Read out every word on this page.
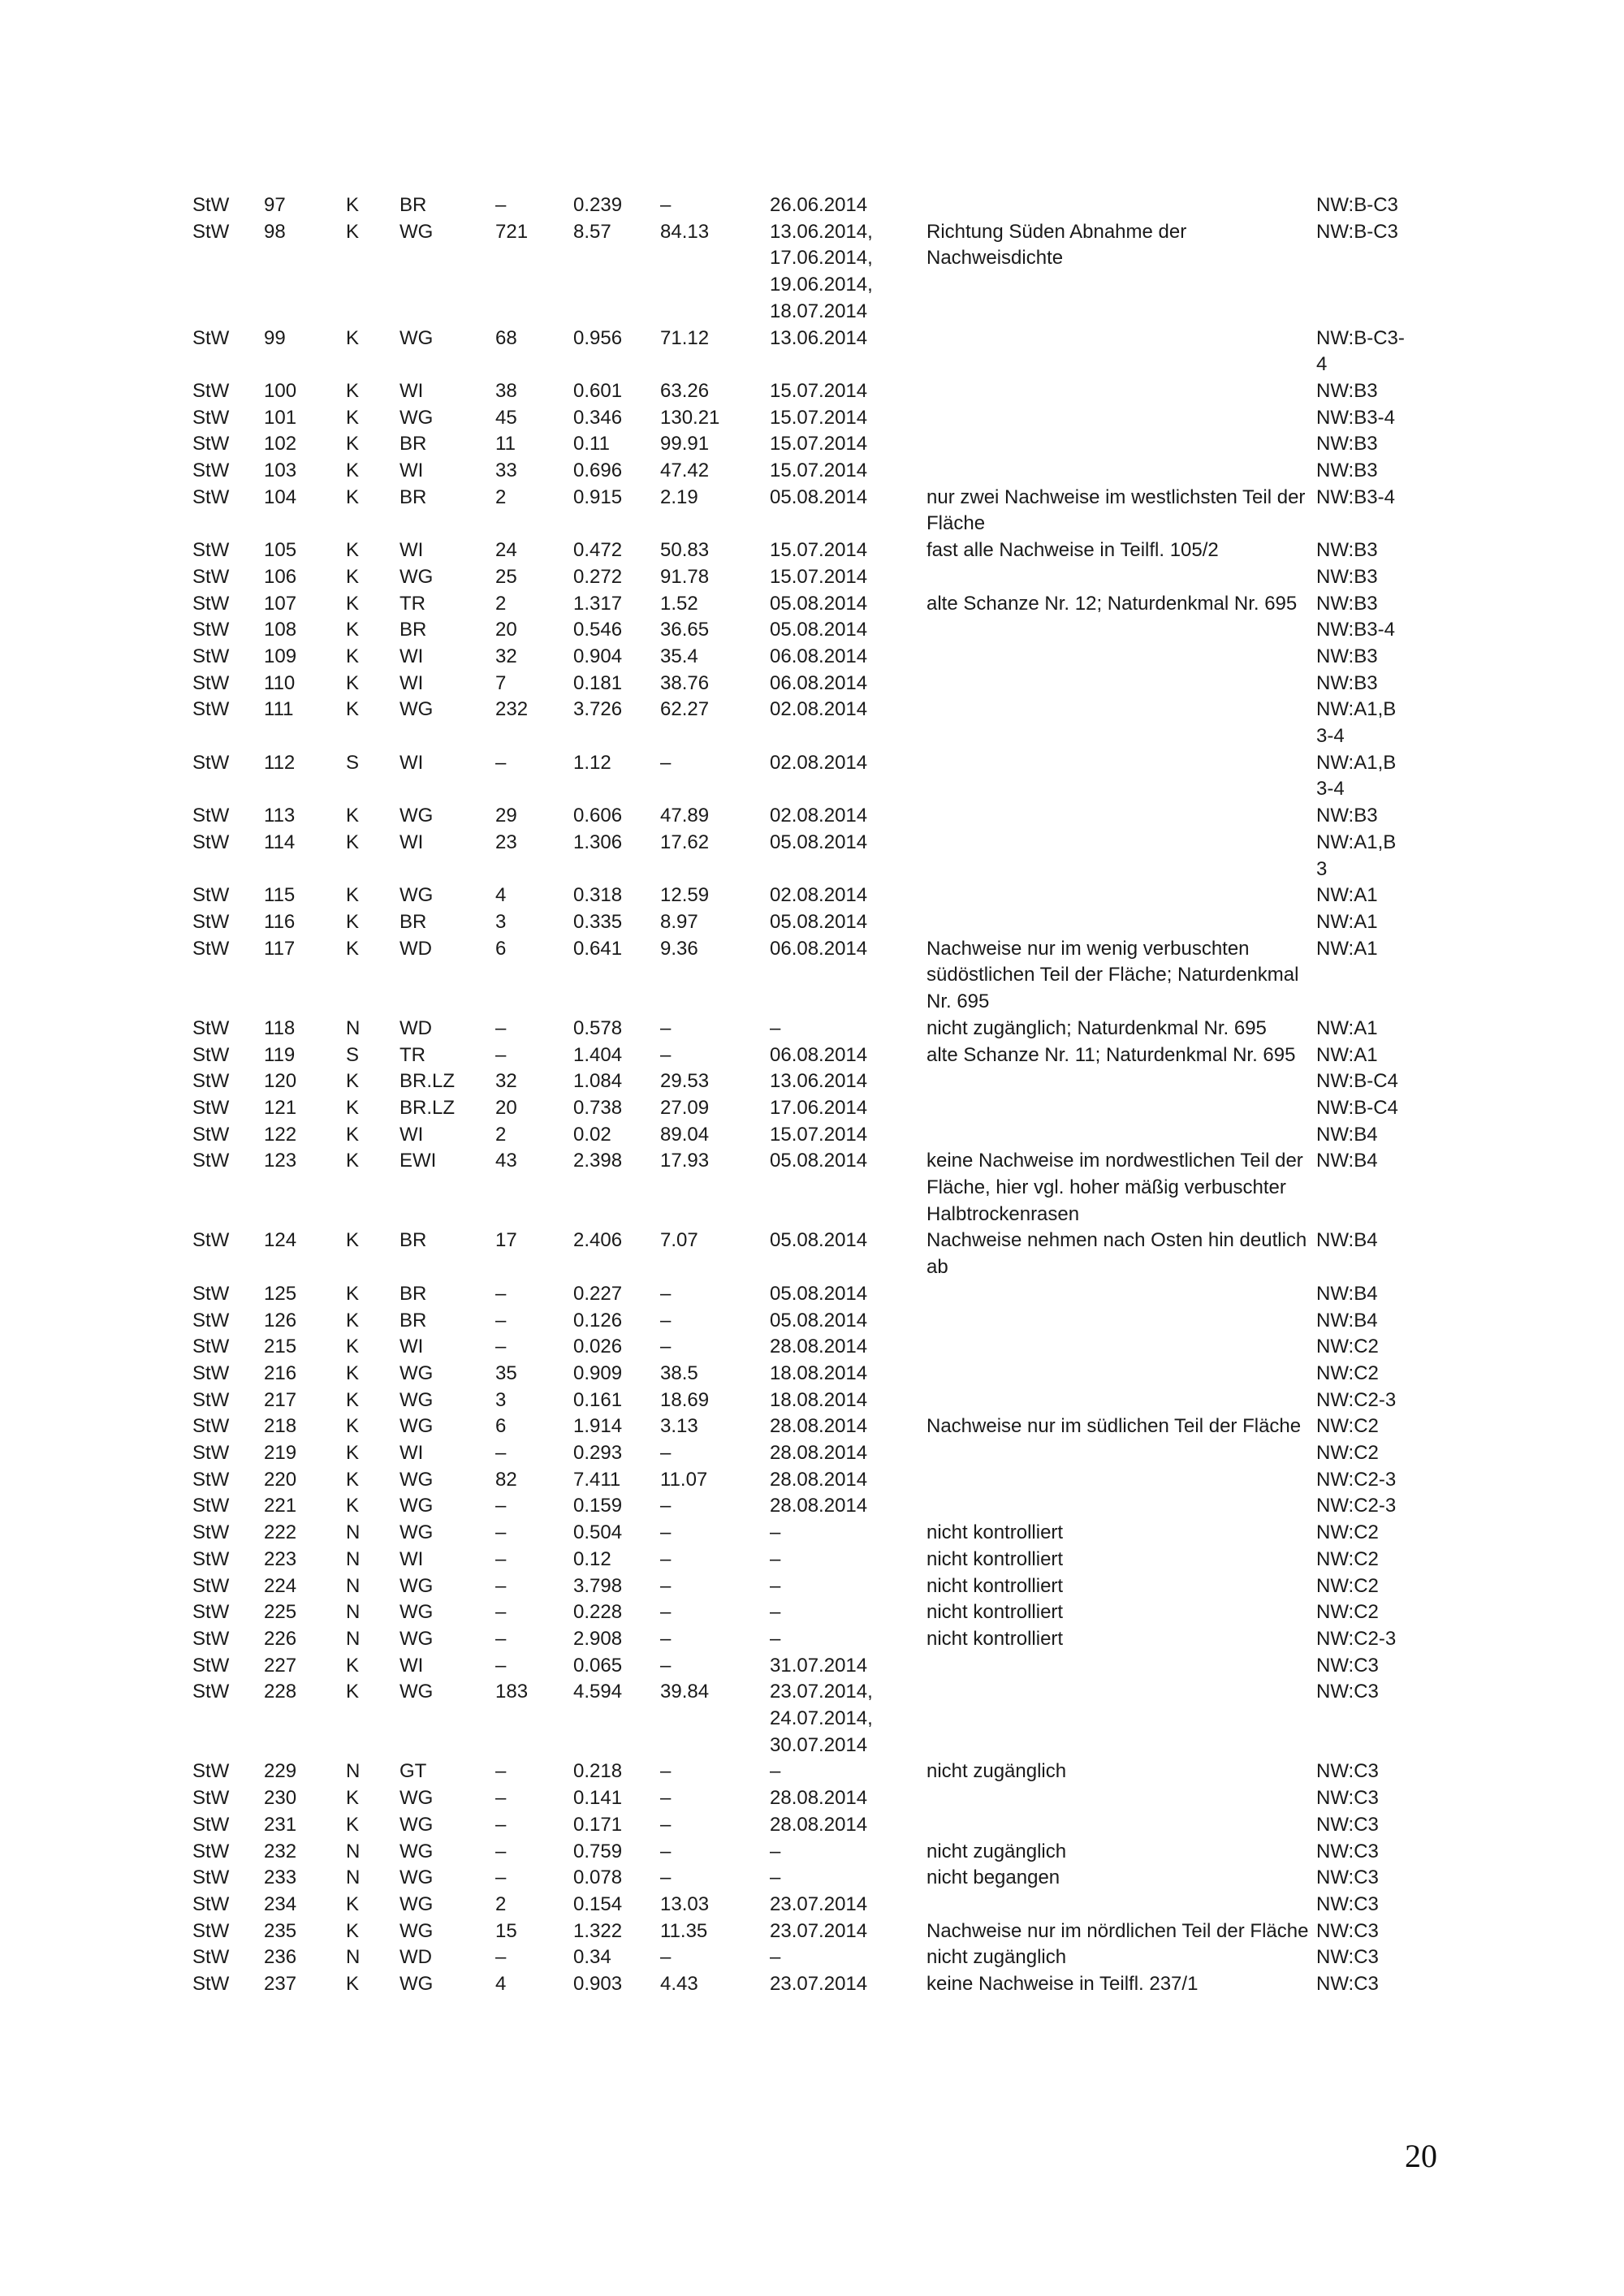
StW	97	K	BR	–	0.239	–	26.06.2014		NW:B-C3
StW	98	K	WG	721	8.57	84.13	13.06.2014, 17.06.2014, 19.06.2014, 18.07.2014	Richtung Süden Abnahme der Nachweisdichte	NW:B-C3
StW	99	K	WG	68	0.956	71.12	13.06.2014		NW:B-C3-4
StW	100	K	WI	38	0.601	63.26	15.07.2014		NW:B3
StW	101	K	WG	45	0.346	130.21	15.07.2014		NW:B3-4
StW	102	K	BR	11	0.11	99.91	15.07.2014		NW:B3
StW	103	K	WI	33	0.696	47.42	15.07.2014		NW:B3
StW	104	K	BR	2	0.915	2.19	05.08.2014	nur zwei Nachweise im westlichsten Teil der Fläche	NW:B3-4
StW	105	K	WI	24	0.472	50.83	15.07.2014	fast alle Nachweise in Teilfl. 105/2	NW:B3
StW	106	K	WG	25	0.272	91.78	15.07.2014		NW:B3
StW	107	K	TR	2	1.317	1.52	05.08.2014	alte Schanze Nr. 12; Naturdenkmal Nr. 695	NW:B3
StW	108	K	BR	20	0.546	36.65	05.08.2014		NW:B3-4
StW	109	K	WI	32	0.904	35.4	06.08.2014		NW:B3
StW	110	K	WI	7	0.181	38.76	06.08.2014		NW:B3
StW	111	K	WG	232	3.726	62.27	02.08.2014		NW:A1,B 3-4
StW	112	S	WI	–	1.12	–	02.08.2014		NW:A1,B 3-4
StW	113	K	WG	29	0.606	47.89	02.08.2014		NW:B3
StW	114	K	WI	23	1.306	17.62	05.08.2014		NW:A1,B 3
StW	115	K	WG	4	0.318	12.59	02.08.2014		NW:A1
StW	116	K	BR	3	0.335	8.97	05.08.2014		NW:A1
StW	117	K	WD	6	0.641	9.36	06.08.2014	Nachweise nur im wenig verbuschten südöstlichen Teil der Fläche; Naturdenkmal Nr. 695	NW:A1
StW	118	N	WD	–	0.578	–	–	nicht zugänglich; Naturdenkmal Nr. 695	NW:A1
StW	119	S	TR	–	1.404	–	06.08.2014	alte Schanze Nr. 11; Naturdenkmal Nr. 695	NW:A1
StW	120	K	BR.LZ	32	1.084	29.53	13.06.2014		NW:B-C4
StW	121	K	BR.LZ	20	0.738	27.09	17.06.2014		NW:B-C4
StW	122	K	WI	2	0.02	89.04	15.07.2014		NW:B4
StW	123	K	EWI	43	2.398	17.93	05.08.2014	keine Nachweise im nordwestlichen Teil der Fläche, hier vgl. hoher mäßig verbuschter Halbtrockenrasen	NW:B4
StW	124	K	BR	17	2.406	7.07	05.08.2014	Nachweise nehmen nach Osten hin deutlich ab	NW:B4
StW	125	K	BR	–	0.227	–	05.08.2014		NW:B4
StW	126	K	BR	–	0.126	–	05.08.2014		NW:B4
StW	215	K	WI	–	0.026	–	28.08.2014		NW:C2
StW	216	K	WG	35	0.909	38.5	18.08.2014		NW:C2
StW	217	K	WG	3	0.161	18.69	18.08.2014		NW:C2-3
StW	218	K	WG	6	1.914	3.13	28.08.2014	Nachweise nur im südlichen Teil der Fläche	NW:C2
StW	219	K	WI	–	0.293	–	28.08.2014		NW:C2
StW	220	K	WG	82	7.411	11.07	28.08.2014		NW:C2-3
StW	221	K	WG	–	0.159	–	28.08.2014		NW:C2-3
StW	222	N	WG	–	0.504	–	–	nicht kontrolliert	NW:C2
StW	223	N	WI	–	0.12	–	–	nicht kontrolliert	NW:C2
StW	224	N	WG	–	3.798	–	–	nicht kontrolliert	NW:C2
StW	225	N	WG	–	0.228	–	–	nicht kontrolliert	NW:C2
StW	226	N	WG	–	2.908	–	–	nicht kontrolliert	NW:C2-3
StW	227	K	WI	–	0.065	–	31.07.2014		NW:C3
StW	228	K	WG	183	4.594	39.84	23.07.2014, 24.07.2014, 30.07.2014		NW:C3
StW	229	N	GT	–	0.218	–	–	nicht zugänglich	NW:C3
StW	230	K	WG	–	0.141	–	28.08.2014		NW:C3
StW	231	K	WG	–	0.171	–	28.08.2014		NW:C3
StW	232	N	WG	–	0.759	–	–	nicht zugänglich	NW:C3
StW	233	N	WG	–	0.078	–	–	nicht begangen	NW:C3
StW	234	K	WG	2	0.154	13.03	23.07.2014		NW:C3
StW	235	K	WG	15	1.322	11.35	23.07.2014	Nachweise nur im nördlichen Teil der Fläche	NW:C3
StW	236	N	WD	–	0.34	–	–	nicht zugänglich	NW:C3
StW	237	K	WG	4	0.903	4.43	23.07.2014	keine Nachweise in Teilfl. 237/1	NW:C3
20
